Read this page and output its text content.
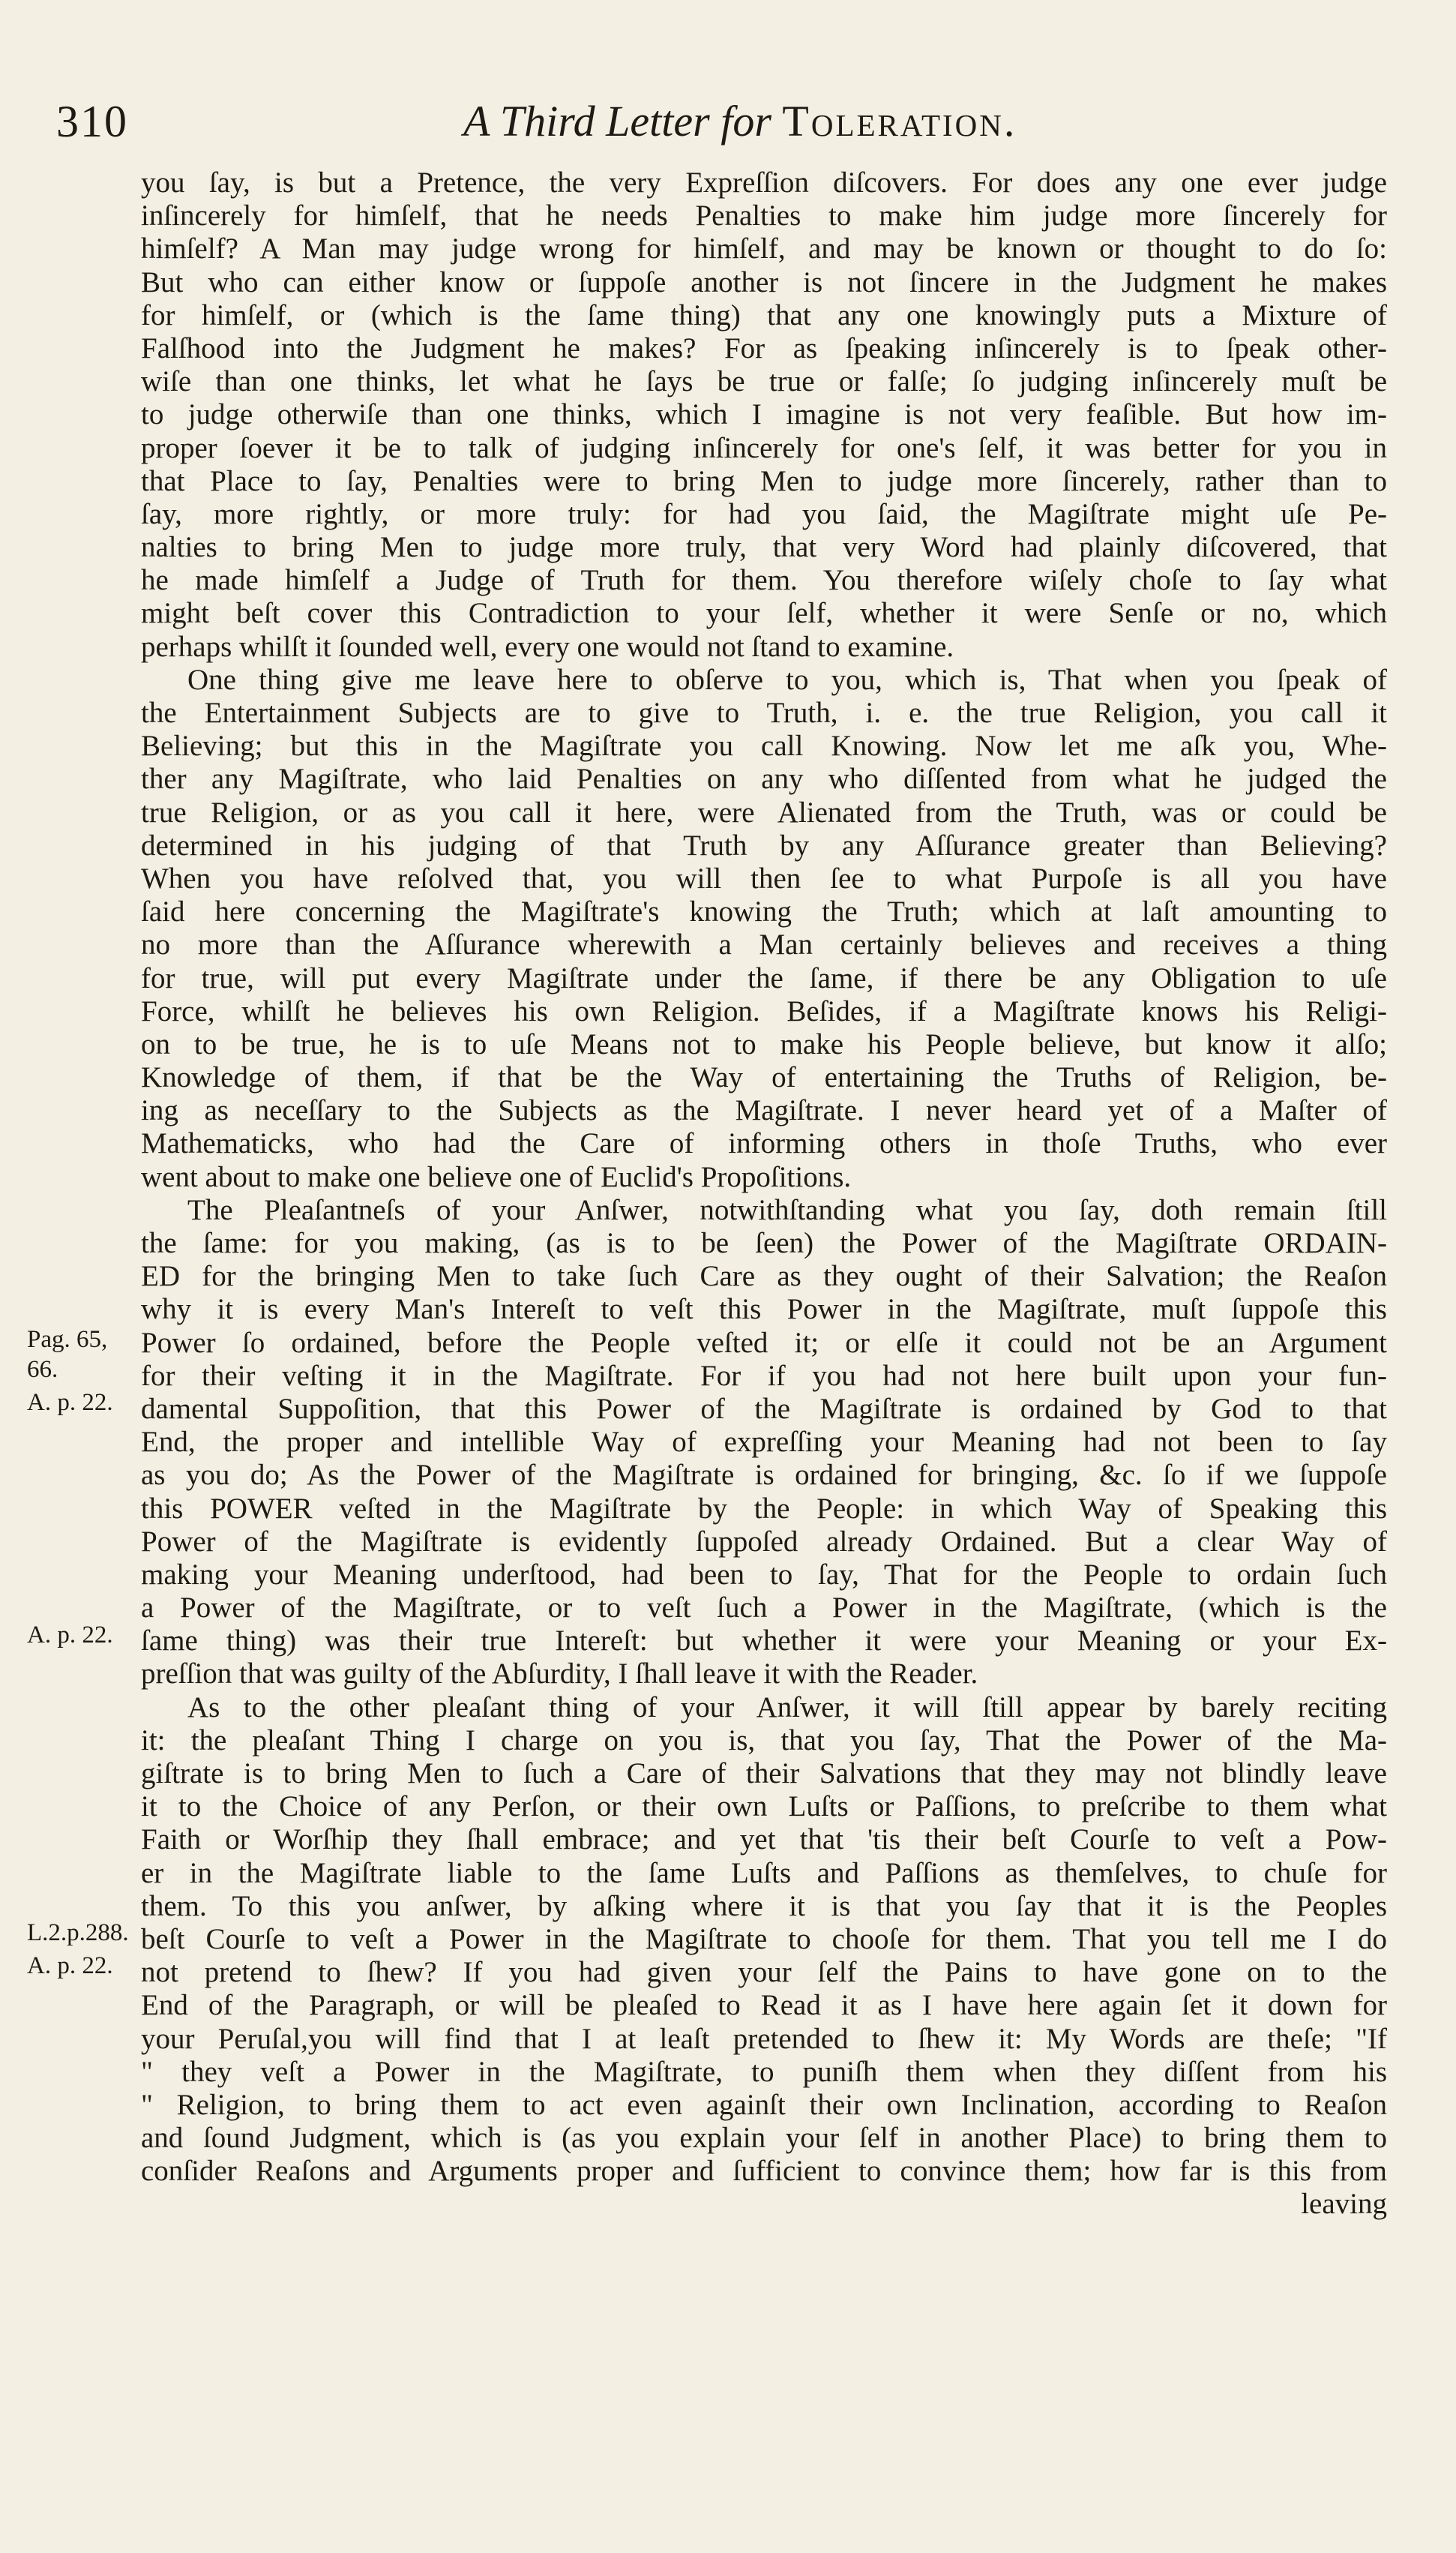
310	A Third Letter for Toleration.
Pag. 65,
66.
A. p. 22.
A. p. 22.
L.2.p.288.
A. p. 22.
you ſay, is but a Pretence, the very Expreſſion diſcovers. For does any one ever judge
inſincerely for himſelf, that he needs Penalties to make him judge more ſincerely for
himſelf? A Man may judge wrong for himſelf, and may be known or thought to do ſo:
But who can either know or ſuppoſe another is not ſincere in the Judgment he makes
for himſelf, or (which is the ſame thing) that any one knowingly puts a Mixture of
Falſhood into the Judgment he makes? For as ſpeaking inſincerely is to ſpeak other-
wiſe than one thinks, let what he ſays be true or falſe; ſo judging inſincerely muſt be
to judge otherwiſe than one thinks, which I imagine is not very feaſible. But how im-
proper ſoever it be to talk of judging inſincerely for one's ſelf, it was better for you in
that Place to ſay, Penalties were to bring Men to judge more ſincerely, rather than to
ſay, more rightly, or more truly: for had you ſaid, the Magiſtrate might uſe Pe-
nalties to bring Men to judge more truly, that very Word had plainly diſcovered, that
he made himſelf a Judge of Truth for them. You therefore wiſely choſe to ſay what
might beſt cover this Contradiction to your ſelf, whether it were Senſe or no, which
perhaps whilſt it ſounded well, every one would not ſtand to examine.
One thing give me leave here to obſerve to you, which is, That when you ſpeak of
the Entertainment Subjects are to give to Truth, i. e. the true Religion, you call it
Believing; but this in the Magiſtrate you call Knowing. Now let me aſk you, Whe-
ther any Magiſtrate, who laid Penalties on any who diſſented from what he judged the
true Religion, or as you call it here, were Alienated from the Truth, was or could be
determined in his judging of that Truth by any Aſſurance greater than Believing?
When you have reſolved that, you will then ſee to what Purpoſe is all you have
ſaid here concerning the Magiſtrate's knowing the Truth; which at laſt amounting to
no more than the Aſſurance wherewith a Man certainly believes and receives a thing
for true, will put every Magiſtrate under the ſame, if there be any Obligation to uſe
Force, whilſt he believes his own Religion. Beſides, if a Magiſtrate knows his Religi-
on to be true, he is to uſe Means not to make his People believe, but know it alſo;
Knowledge of them, if that be the Way of entertaining the Truths of Religion, be-
ing as neceſſary to the Subjects as the Magiſtrate. I never heard yet of a Maſter of
Mathematicks, who had the Care of informing others in thoſe Truths, who ever
went about to make one believe one of Euclid's Propoſitions.
The Pleaſantneſs of your Anſwer, notwithſtanding what you ſay, doth remain ſtill
the ſame: for you making, (as is to be ſeen) the Power of the Magiſtrate ORDAIN-
ED for the bringing Men to take ſuch Care as they ought of their Salvation; the Reaſon
why it is every Man's Intereſt to veſt this Power in the Magiſtrate, muſt ſuppoſe this
Power ſo ordained, before the People veſted it; or elſe it could not be an Argument
for their veſting it in the Magiſtrate. For if you had not here built upon your fun-
damental Suppoſition, that this Power of the Magiſtrate is ordained by God to that
End, the proper and intellible Way of expreſſing your Meaning had not been to ſay
as you do; As the Power of the Magiſtrate is ordained for bringing, &c. ſo if we ſuppoſe
this POWER veſted in the Magiſtrate by the People: in which Way of Speaking this
Power of the Magiſtrate is evidently ſuppoſed already Ordained. But a clear Way of
making your Meaning underſtood, had been to ſay, That for the People to ordain ſuch
a Power of the Magiſtrate, or to veſt ſuch a Power in the Magiſtrate, (which is the
ſame thing) was their true Intereſt: but whether it were your Meaning or your Ex-
preſſion that was guilty of the Abſurdity, I ſhall leave it with the Reader.
As to the other pleaſant thing of your Anſwer, it will ſtill appear by barely reciting
it: the pleaſant Thing I charge on you is, that you ſay, That the Power of the Ma-
giſtrate is to bring Men to ſuch a Care of their Salvations that they may not blindly leave
it to the Choice of any Perſon, or their own Luſts or Paſſions, to preſcribe to them what
Faith or Worſhip they ſhall embrace; and yet that 'tis their beſt Courſe to veſt a Pow-
er in the Magiſtrate liable to the ſame Luſts and Paſſions as themſelves, to chuſe for
them. To this you anſwer, by aſking where it is that you ſay that it is the Peoples
beſt Courſe to veſt a Power in the Magiſtrate to chooſe for them. That you tell me I do
not pretend to ſhew? If you had given your ſelf the Pains to have gone on to the
End of the Paragraph, or will be pleaſed to Read it as I have here again ſet it down for
your Peruſal,you will find that I at leaſt pretended to ſhew it: My Words are theſe; "If
" they veſt a Power in the Magiſtrate, to puniſh them when they diſſent from his
" Religion, to bring them to act even againſt their own Inclination, according to Reaſon
and ſound Judgment, which is (as you explain your ſelf in another Place) to bring them to
conſider Reaſons and Arguments proper and ſufficient to convince them; how far is this from
leaving
